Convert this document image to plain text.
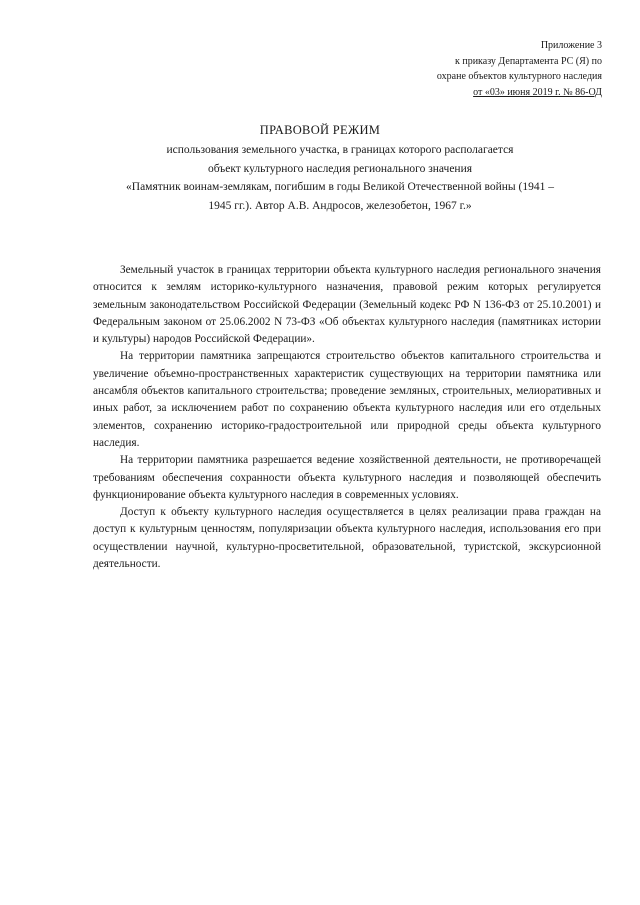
Приложение 3
к приказу Департамента РС (Я) по
охране объектов культурного наследия
от «03» июня 2019 г. № 86-ОД
ПРАВОВОЙ РЕЖИМ
использования земельного участка, в границах которого располагается
объект культурного наследия регионального значения
«Памятник воинам-землякам, погибшим в годы Великой Отечественной войны (1941 –
1945 гг.). Автор А.В. Андросов, железобетон, 1967 г.»

Земельный участок в границах территории объекта культурного наследия регионального значения относится к землям историко-культурного назначения, правовой режим которых регулируется земельным законодательством Российской Федерации (Земельный кодекс РФ N 136-ФЗ от 25.10.2001) и Федеральным законом от 25.06.2002 N 73-ФЗ «Об объектах культурного наследия (памятниках истории и культуры) народов Российской Федерации».

На территории памятника запрещаются строительство объектов капитального строительства и увеличение объемно-пространственных характеристик существующих на территории памятника или ансамбля объектов капитального строительства; проведение земляных, строительных, мелиоративных и иных работ, за исключением работ по сохранению объекта культурного наследия или его отдельных элементов, сохранению историко-градостроительной или природной среды объекта культурного наследия.

На территории памятника разрешается ведение хозяйственной деятельности, не противоречащей требованиям обеспечения сохранности объекта культурного наследия и позволяющей обеспечить функционирование объекта культурного наследия в современных условиях.

Доступ к объекту культурного наследия осуществляется в целях реализации права граждан на доступ к культурным ценностям, популяризации объекта культурного наследия, использования его при осуществлении научной, культурно-просветительной, образовательной, туристской, экскурсионной деятельности.
